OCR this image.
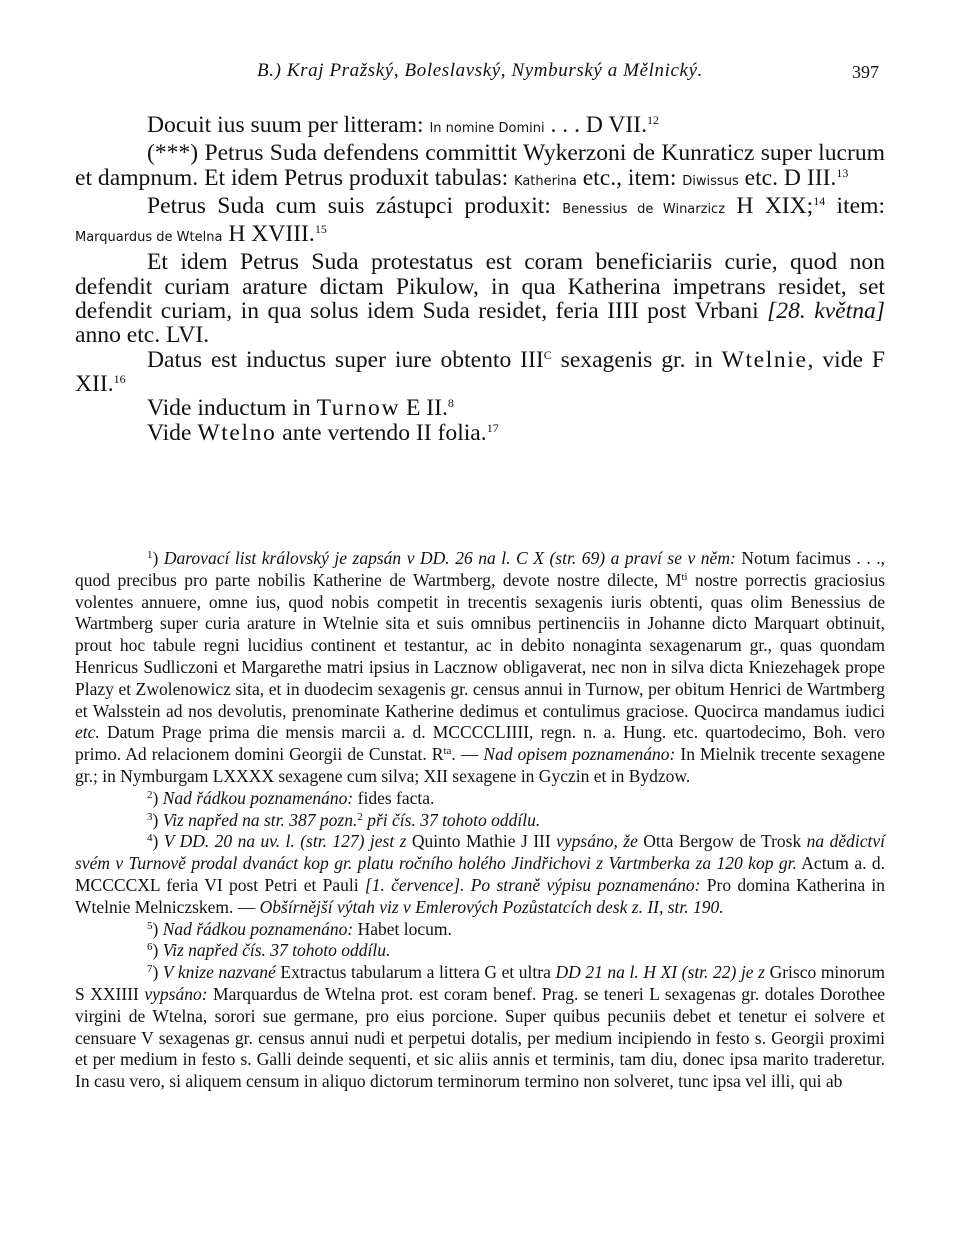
B.) Kraj Pražský, Boleslavský, Nymburský a Mělnický.	397

Docuit ius suum per litteram: In nomine Domini . . . D VII.$^{12}$

(***) Petrus Suda defendens committit Wykerzoni de Kunraticz super lucrum et dampnum. Et idem Petrus produxit tabulas: Katherina etc., item: Diwissus etc. D III.$^{13}$

Petrus Suda cum suis zástupci produxit: Benessius de Winarzicz H XIX;$^{14}$ item: Marquardus de Wtelna H XVIII.$^{15}$

Et idem Petrus Suda protestatus est coram beneficiariis curie, quod non defendit curiam arature dictam Pikulow, in qua Katherina impetrans residet, set defendit curiam, in qua solus idem Suda residet, feria IIII post Vrbani [28. května] anno etc. LVI.

Datus est inductus super iure obtento $III^C$ sexagenis gr. in Wtelnie, vide F XII.$^{16}$

Vide inductum in Turnow E II.$^8$

Vide Wtelno ante vertendo II folia.$^{17}$

$^1$) Darovací list královský je zapsán v DD. 26 na l. C X (str. 69) a praví se v něm: Notum facimus . . ., quod precibus pro parte nobilis Katherine de Wartmberg, devote nostre dilecte, $M^{ti}$ nostre porrectis graciosius volentes annuere, omne ius, quod nobis competit in trecentis sexagenis iuris obtenti, quas olim Benessius de Wartmberg super curia arature in Wtelnie sita et suis omnibus pertinenciis in Johanne dicto Marquart obtinuit, prout hoc tabule regni lucidius continent et testantur, ac in debito nonaginta sexagenarum gr., quas quondam Henricus Sudliczoni et Margarethe matri ipsius in Lacznow obligaverat, nec non in silva dicta Kniezehagek prope Plazy et Zwolenowicz sita, et in duodecim sexagenis gr. census annui in Turnow, per obitum Henrici de Wartmberg et Walsstein ad nos devolutis, prenominate Katherine dedimus et contulimus graciose. Quocirca mandamus iudici etc. Datum Prage prima die mensis marcii a. d. MCCCCLIIII, regn. n. a. Hung. etc. quartodecimo, Boh. vero primo. Ad relacionem domini Georgii de Cunstat. $R^{ta}$. — Nad opisem poznamenáno: In Mielnik trecente sexagene gr.; in Nymburgam LXXXX sexagene cum silva; XII sexagene in Gyczin et in Bydzow.

$^2$) Nad řádkou poznamenáno: fides facta.

$^3$) Viz napřed na str. 387 pozn.$^2$ při čís. 37 tohoto oddílu.

$^4$) V DD. 20 na uv. l. (str. 127) jest z Quinto Mathie J III vypsáno, že Otta Bergow de Trosk na dědictví svém v Turnově prodal dvanáct kop gr. platu ročního holého Jindřichovi z Vartmberka za 120 kop gr. Actum a. d. MCCCCXL feria VI post Petri et Pauli [1. července]. Po straně výpisu poznamenáno: Pro domina Katherina in Wtelnie Melniczskem. — Obšírnější výtah viz v Emlerových Pozůstatcích desk z. II, str. 190.

$^5$) Nad řádkou poznamenáno: Habet locum.

$^6$) Viz napřed čís. 37 tohoto oddílu.

$^7$) V knize nazvané Extractus tabularum a littera G et ultra DD 21 na l. H XI (str. 22) je z Grisco minorum S XXIIII vypsáno: Marquardus de Wtelna prot. est coram benef. Prag. se teneri L sexagenas gr. dotales Dorothee virgini de Wtelna, sorori sue germane, pro eius porcione. Super quibus pecuniis debet et tenetur ei solvere et censuare V sexagenas gr. census annui nudi et perpetui dotalis, per medium incipiendo in festo s. Georgii proximi et per medium in festo s. Galli deinde sequenti, et sic aliis annis et terminis, tam diu, donec ipsa marito traderetur. In casu vero, si aliquem censum in aliquo dictorum terminorum termino non solveret, tunc ipsa vel illi, qui ab
